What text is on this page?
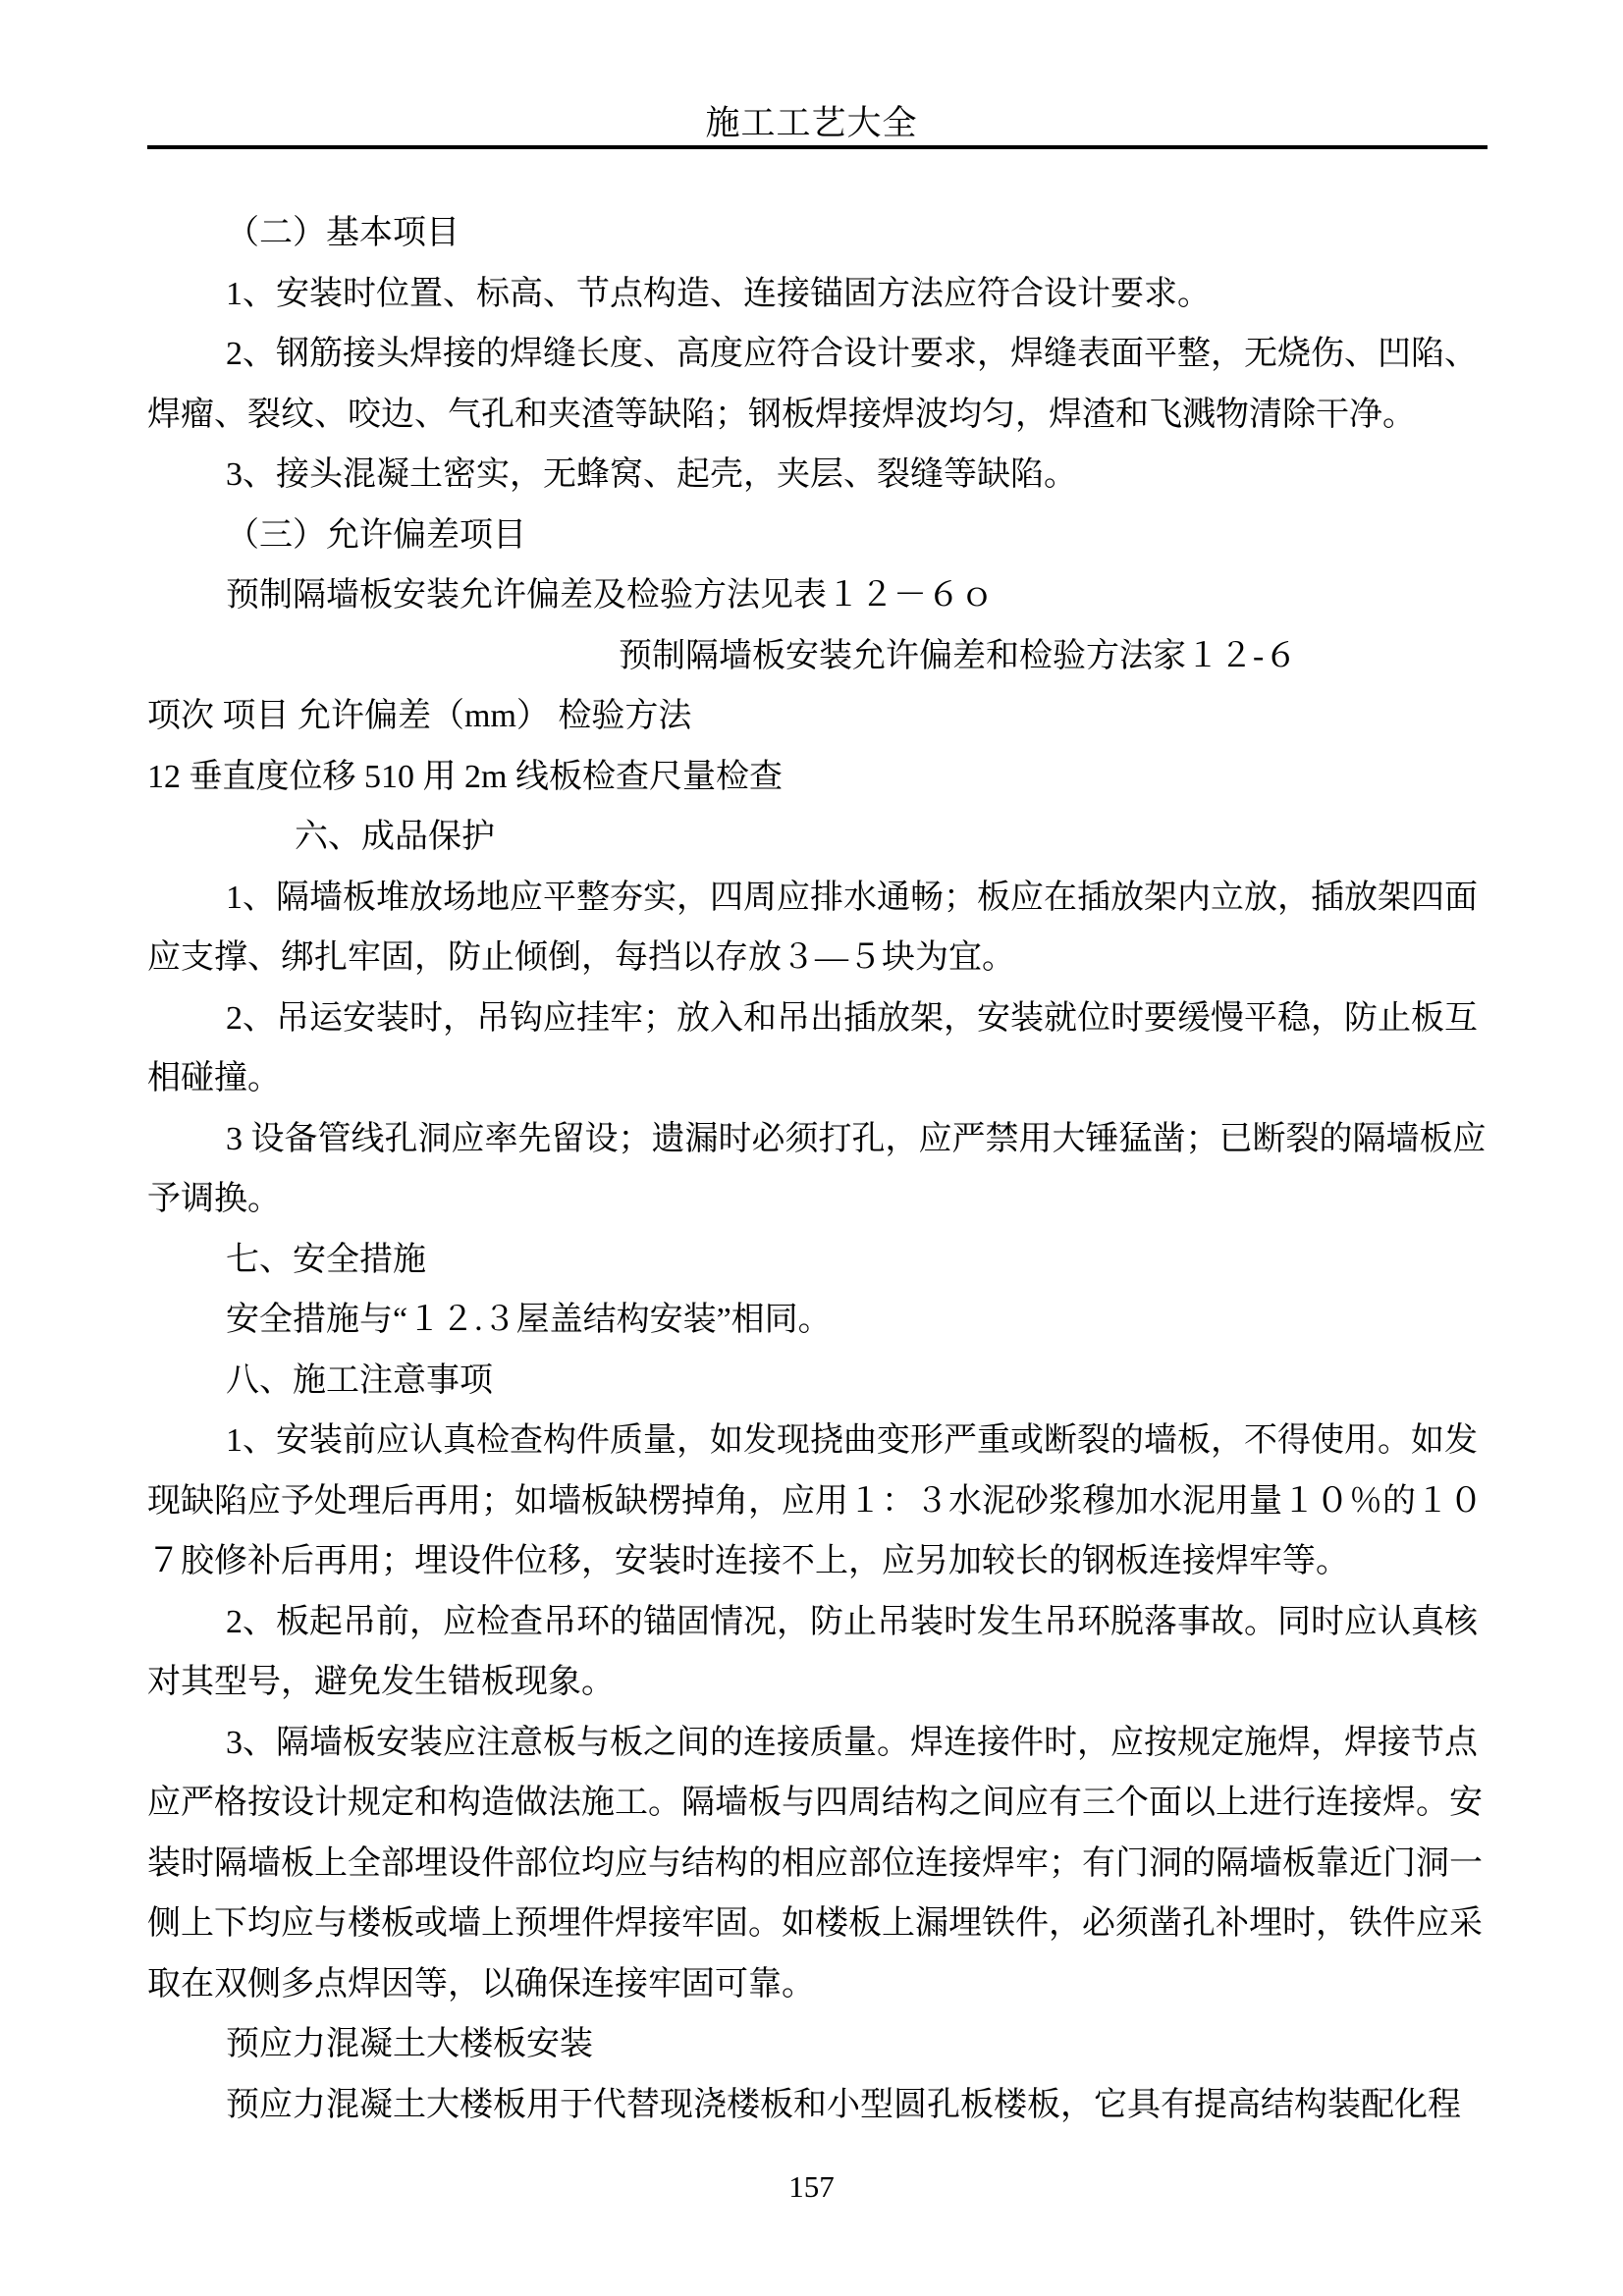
施工工艺大全
（二）基本项目
1、安装时位置、标高、节点构造、连接锚固方法应符合设计要求。
2、钢筋接头焊接的焊缝长度、高度应符合设计要求，焊缝表面平整，无烧伤、凹陷、
焊瘤、裂纹、咬边、气孔和夹渣等缺陷；钢板焊接焊波均匀，焊渣和飞溅物清除干净。
3、接头混凝土密实，无蜂窝、起壳，夹层、裂缝等缺陷。
（三）允许偏差项目
预制隔墙板安装允许偏差及检验方法见表１２－６ｏ
预制隔墙板安装允许偏差和检验方法家１２-６
项次 项目 允许偏差（mm） 检验方法
12 垂直度位移 510 用 2m 线板检查尺量检查
六、成品保护
1、隔墙板堆放场地应平整夯实，四周应排水通畅；板应在插放架内立放，插放架四面
应支撑、绑扎牢固，防止倾倒，每挡以存放３—５块为宜。
2、吊运安装时，吊钩应挂牢；放入和吊出插放架，安装就位时要缓慢平稳，防止板互
相碰撞。
3 设备管线孔洞应率先留设；遗漏时必须打孔，应严禁用大锤猛凿；已断裂的隔墙板应
予调换。
七、安全措施
安全措施与“１２.３屋盖结构安装”相同。
八、施工注意事项
1、安装前应认真检查构件质量，如发现挠曲变形严重或断裂的墙板，不得使用。如发
现缺陷应予处理后再用；如墙板缺楞掉角，应用１：３水泥砂浆穆加水泥用量１０％的１０
７胶修补后再用；埋设件位移，安装时连接不上，应另加较长的钢板连接焊牢等。
2、板起吊前，应检查吊环的锚固情况，防止吊装时发生吊环脱落事故。同时应认真核
对其型号，避免发生错板现象。
3、隔墙板安装应注意板与板之间的连接质量。焊连接件时，应按规定施焊，焊接节点
应严格按设计规定和构造做法施工。隔墙板与四周结构之间应有三个面以上进行连接焊。安
装时隔墙板上全部埋设件部位均应与结构的相应部位连接焊牢；有门洞的隔墙板靠近门洞一
侧上下均应与楼板或墙上预埋件焊接牢固。如楼板上漏埋铁件，必须凿孔补埋时，铁件应采
取在双侧多点焊因等，以确保连接牢固可靠。
预应力混凝土大楼板安装
预应力混凝土大楼板用于代替现浇楼板和小型圆孔板楼板，它具有提高结构装配化程
157
